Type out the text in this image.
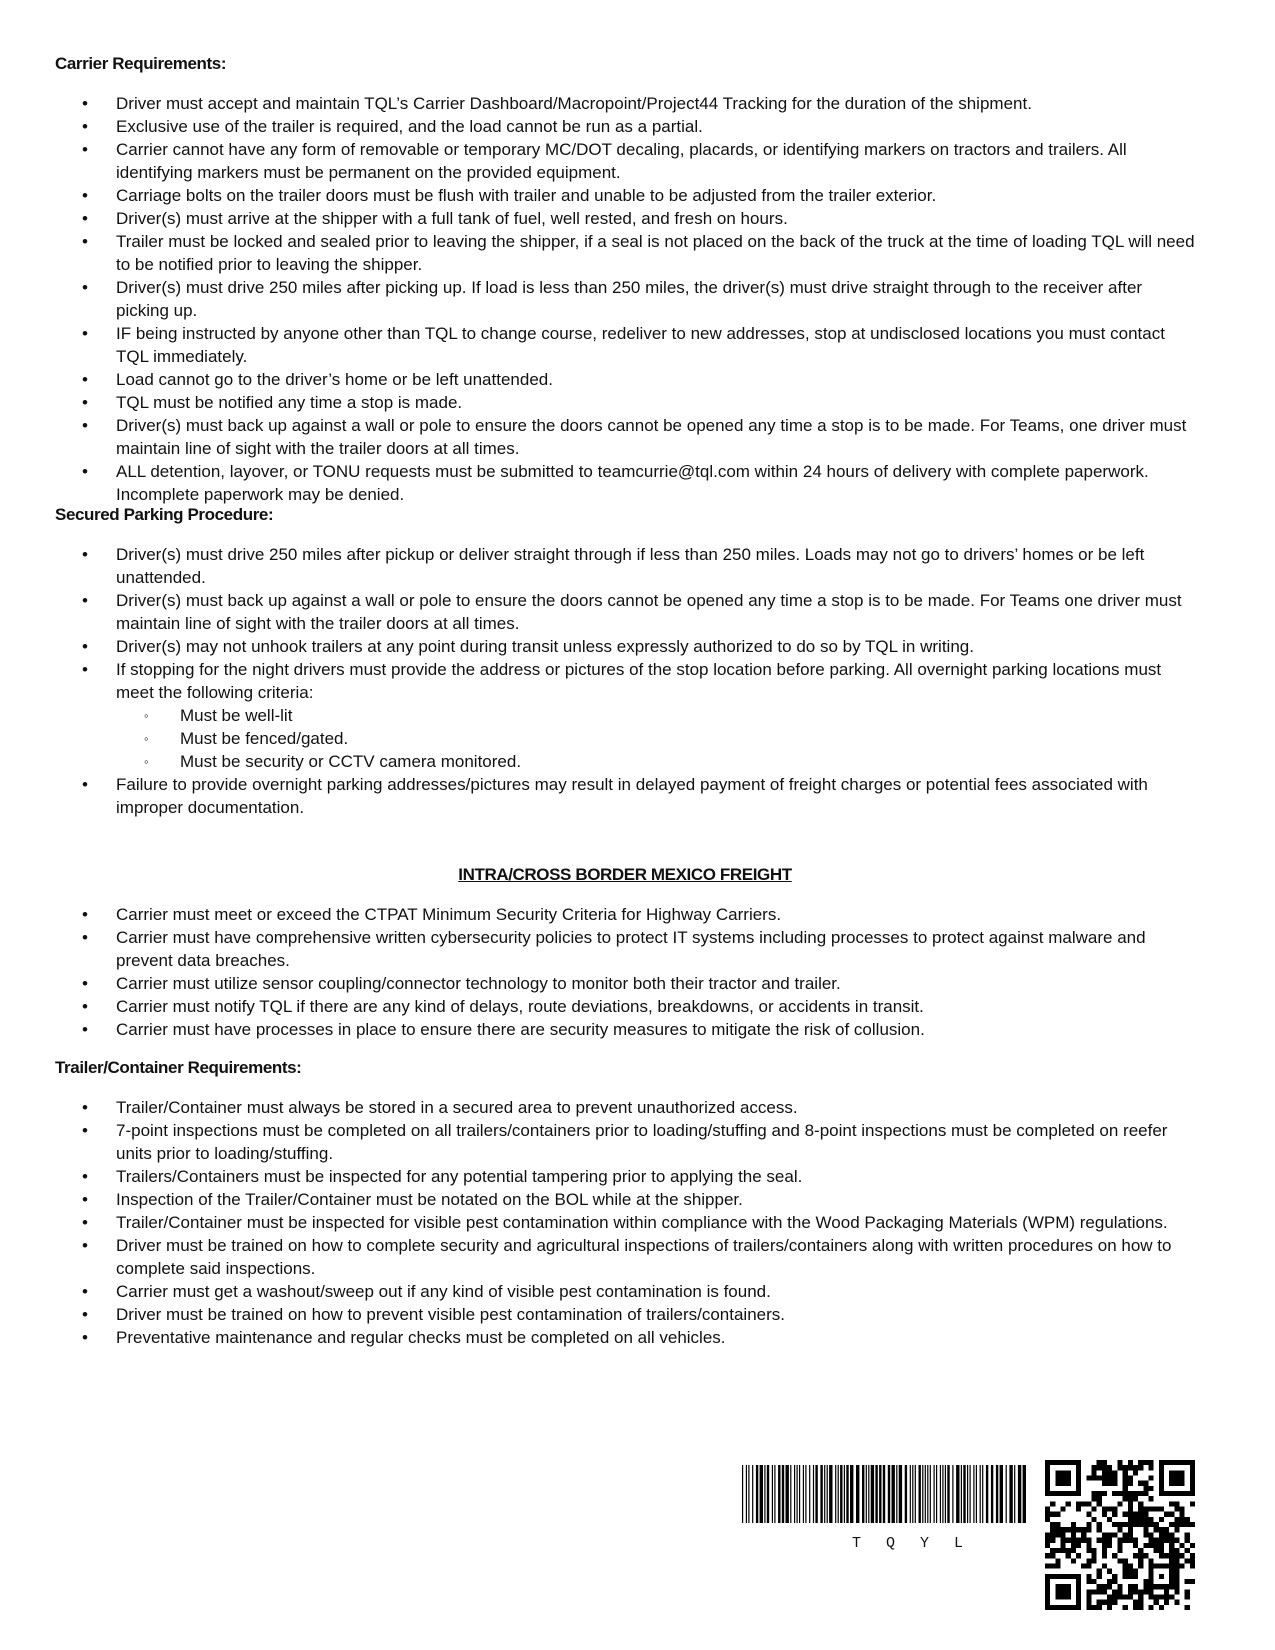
Carrier Requirements:
• Driver must accept and maintain TQL’s Carrier Dashboard/Macropoint/Project44 Tracking for the duration of the shipment.
• Exclusive use of the trailer is required, and the load cannot be run as a partial.
• Carrier cannot have any form of removable or temporary MC/DOT decaling, placards, or identifying markers on tractors and trailers. All identifying markers must be permanent on the provided equipment.
• Carriage bolts on the trailer doors must be flush with trailer and unable to be adjusted from the trailer exterior.
• Driver(s) must arrive at the shipper with a full tank of fuel, well rested, and fresh on hours.
• Trailer must be locked and sealed prior to leaving the shipper, if a seal is not placed on the back of the truck at the time of loading TQL will need to be notified prior to leaving the shipper.
• Driver(s) must drive 250 miles after picking up. If load is less than 250 miles, the driver(s) must drive straight through to the receiver after picking up.
• IF being instructed by anyone other than TQL to change course, redeliver to new addresses, stop at undisclosed locations you must contact TQL immediately.
• Load cannot go to the driver’s home or be left unattended.
• TQL must be notified any time a stop is made.
• Driver(s) must back up against a wall or pole to ensure the doors cannot be opened any time a stop is to be made. For Teams, one driver must maintain line of sight with the trailer doors at all times.
• ALL detention, layover, or TONU requests must be submitted to teamcurrie@tql.com within 24 hours of delivery with complete paperwork. Incomplete paperwork may be denied.
Secured Parking Procedure:
• Driver(s) must drive 250 miles after pickup or deliver straight through if less than 250 miles. Loads may not go to drivers’ homes or be left unattended.
• Driver(s) must back up against a wall or pole to ensure the doors cannot be opened any time a stop is to be made. For Teams one driver must maintain line of sight with the trailer doors at all times.
• Driver(s) may not unhook trailers at any point during transit unless expressly authorized to do so by TQL in writing.
• If stopping for the night drivers must provide the address or pictures of the stop location before parking. All overnight parking locations must meet the following criteria:
◦ Must be well-lit
◦ Must be fenced/gated.
◦ Must be security or CCTV camera monitored.
• Failure to provide overnight parking addresses/pictures may result in delayed payment of freight charges or potential fees associated with improper documentation.
INTRA/CROSS BORDER MEXICO FREIGHT
• Carrier must meet or exceed the CTPAT Minimum Security Criteria for Highway Carriers.
• Carrier must have comprehensive written cybersecurity policies to protect IT systems including processes to protect against malware and prevent data breaches.
• Carrier must utilize sensor coupling/connector technology to monitor both their tractor and trailer.
• Carrier must notify TQL if there are any kind of delays, route deviations, breakdowns, or accidents in transit.
• Carrier must have processes in place to ensure there are security measures to mitigate the risk of collusion.
Trailer/Container Requirements:
• Trailer/Container must always be stored in a secured area to prevent unauthorized access.
• 7-point inspections must be completed on all trailers/containers prior to loading/stuffing and 8-point inspections must be completed on reefer units prior to loading/stuffing.
• Trailers/Containers must be inspected for any potential tampering prior to applying the seal.
• Inspection of the Trailer/Container must be notated on the BOL while at the shipper.
• Trailer/Container must be inspected for visible pest contamination within compliance with the Wood Packaging Materials (WPM) regulations.
• Driver must be trained on how to complete security and agricultural inspections of trailers/containers along with written procedures on how to complete said inspections.
• Carrier must get a washout/sweep out if any kind of visible pest contamination is found.
• Driver must be trained on how to prevent visible pest contamination of trailers/containers.
• Preventative maintenance and regular checks must be completed on all vehicles.
T Q Y L
